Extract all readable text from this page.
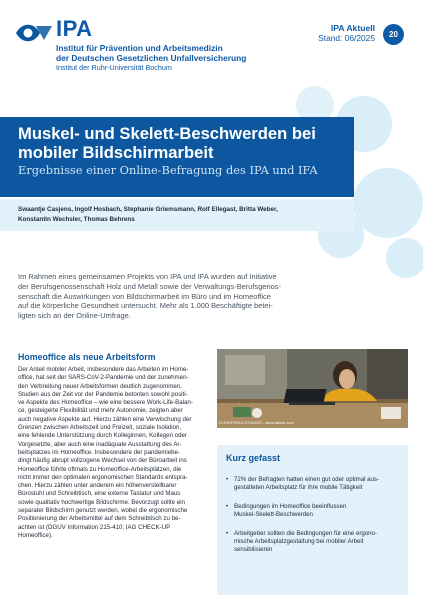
IPA
Institut für Prävention und Arbeitsmedizin
der Deutschen Gesetzlichen Unfallversicherung
Institut der Ruhr-Universität Bochum
IPA Aktuell
Stand: 06/2025	20
Muskel- und Skelett-Beschwerden bei
mobiler Bildschirmarbeit
Ergebnisse einer Online-Befragung des IPA und IFA
Swaantje Casjens, Ingolf Hosbach, Stephanie Griemsmann, Rolf Ellegast, Britta Weber,
Konstantin Wechsler, Thomas Behrens
Im Rahmen eines gemeinsamen Projekts von IPA und IFA wurden auf Initiative
der Berufsgenossenschaft Holz und Metall sowie der Verwaltungs-Berufsgenos-
senschaft die Auswirkungen von Bildschirmarbeit im Büro und im Homeoffice
auf die körperliche Gesundheit untersucht. Mehr als 1.000 Beschäftigte betei-
ligten sich an der Online-Umfrage.
Homeoffice als neue Arbeitsform
Der Anteil mobiler Arbeit, insbesondere das Arbeiten im Home-
office, hat seit der SARS-CoV-2-Pandemie und der zunehmen-
den Verbreitung neuer Arbeitsformen deutlich zugenommen.
Studien aus der Zeit vor der Pandemie betonten sowohl positi-
ve Aspekte des Homeoffice – wie eine bessere Work-Life-Balan-
ce, gesteigerte Flexibilität und mehr Autonomie, zeigten aber
auch negative Aspekte auf. Hierzu zählen eine Verwischung der
Grenzen zwischen Arbeitszeit und Freizeit, soziale Isolation,
eine fehlende Unterstützung durch Kolleginnen, Kollegen oder
Vorgesetzte, aber auch eine inadäquate Ausstattung des Ar-
beitsplatzes im Homeoffice. Insbesondere der pandemiebe-
dingt häufig abrupt vollzogene Wechsel von der Büroarbeit ins
Homeoffice führte oftmals zu Homeoffice-Arbeitsplätzen, die
nicht immer den optimalen ergonomischen Standards entspra-
chen. Hierzu zählen unter anderem ein höhenverstellbarer
Bürostuhl und Schreibtisch, eine externe Tastatur und Maus
sowie qualitativ hochwertige Bildschirme. Bevorzugt sollte ein
separater Bildschirm genutzt werden, wobei die ergonomische
Positionierung der Arbeitsmittel auf dem Schreibtisch zu be-
achten ist (DGUV Information 215-410; IAG CHECK-UP
Homeoffice).
©LIGHTFIELD STUDIOS - stock.adobe.com
Kurz gefasst
• 72% der Befragten hatten einen gut oder optimal aus-
gestatteten Arbeitsplatz für ihre mobile Tätigkeit
• Bedingungen im Homeoffice beeinflussen
Muskel-Skelett-Beschwerden
• Arbeitgeber sollten die Bedingungen für eine ergono-
mische Arbeitsplatzgestaltung bei mobiler Arbeit
sensibilisieren
